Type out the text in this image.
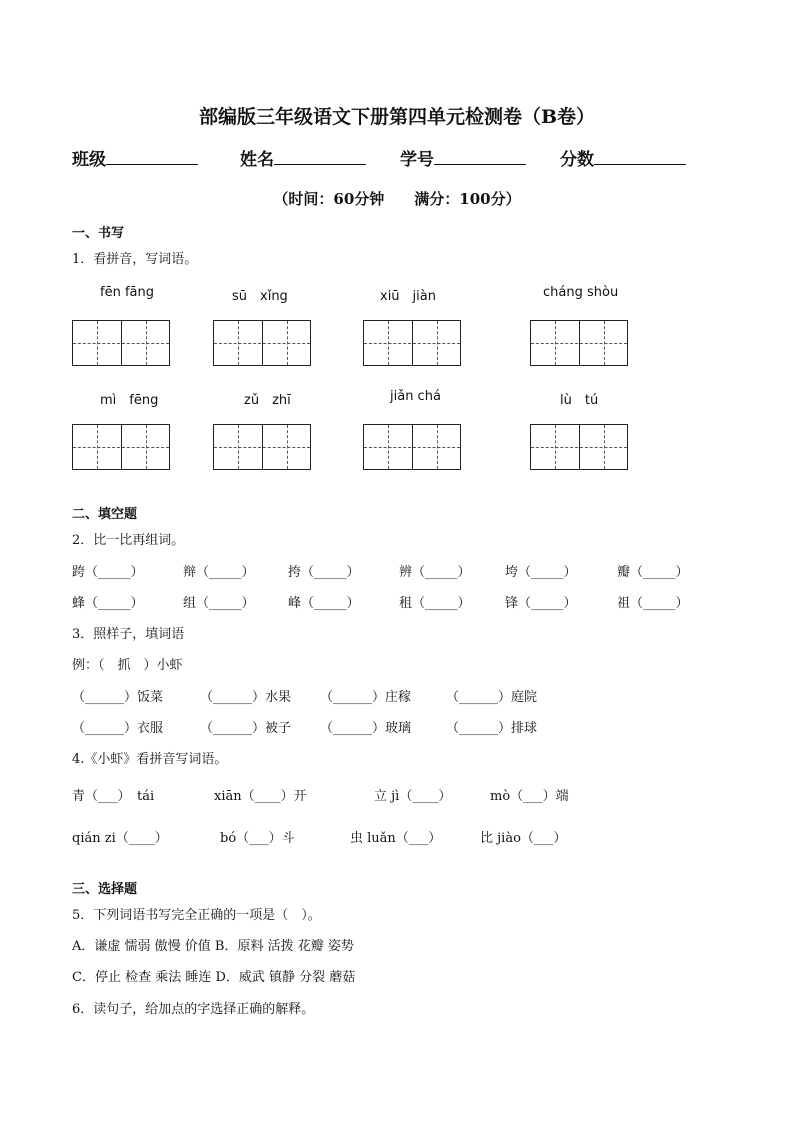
部编版三年级语文下册第四单元检测卷（B卷）
班级	姓名	学号	分数
（时间：60分钟　　满分：100分）
一、书写
1．看拼音，写词语。
fēn fāng	sū　xǐng	xiū　jiàn	cháng shòu
mì　fēng	zǔ　zhī	jiǎn chá	lù　tú
二、填空题
2．比一比再组词。
跨（_____）	辩（_____）	挎（_____）	辨（_____）	垮（_____）	瓣（_____）
蜂（_____）	组（_____）	峰（_____）	租（_____）	锋（_____）	祖（_____）
3．照样子，填词语
例：（　抓　）小虾
（______）饭菜	（______）水果 （______）庄稼	（______）庭院
（______）衣服	（______）被子 （______）玻璃	（______）排球
4.《小虾》看拼音写词语。
青（___）　tái	xiān（____）开	立 jì（____）	mò（___）端
qián zi（____）	bó（___）斗	虫 luǎn（___）	比 jiào（___）
三、选择题
5．下列词语书写完全正确的一项是（　）。
A．谦虚 懦弱 傲慢 价值 B．原料 活拨 花瓣 姿势
C．停止 检查 乘法 睡连 D．威武 镇静 分裂 蘑菇
6．读句子，给加点的字选择正确的解释。
